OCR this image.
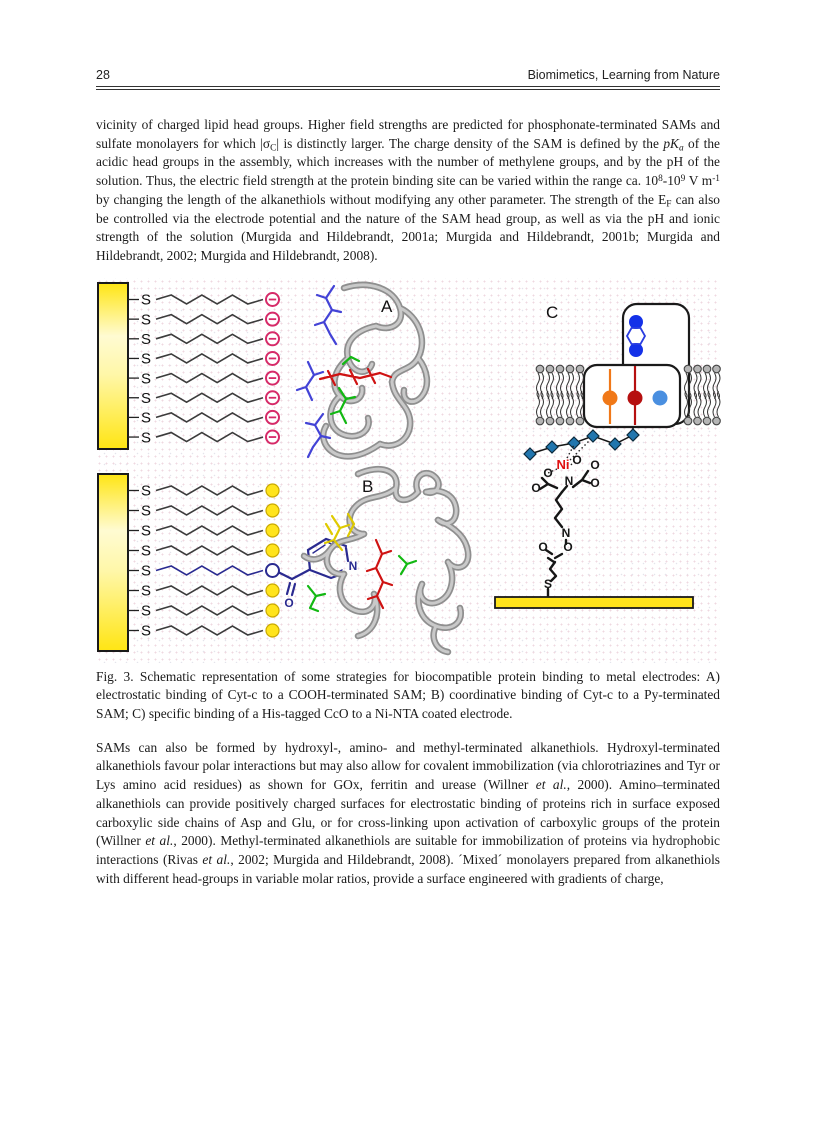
28	Biomimetics, Learning from Nature

vicinity of charged lipid head groups. Higher field strengths are predicted for phosphonate-terminated SAMs and sulfate monolayers for which $|\sigma_C|$ is distinctly larger. The charge density of the SAM is defined by the $pK_a$ of the acidic head groups in the assembly, which increases with the number of methylene groups, and by the pH of the solution. Thus, the electric field strength at the protein binding site can be varied within the range ca. $10^8-10^9$ V $m^{-1}$ by changing the length of the alkanethiols without modifying any other parameter. The strength of the $E_F$ can also be controlled via the electrode potential and the nature of the SAM head group, as well as via the pH and ionic strength of the solution (Murgida and Hildebrandt, 2001a; Murgida and Hildebrandt, 2001b; Murgida and Hildebrandt, 2002; Murgida and Hildebrandt, 2008).

S
S
S
S
S
S
S
S
A
S
S
S
S
S
S
S
S
B
O
N
C
Ni O O
O
O	O
N
N
O
O
S

Fig. 3. Schematic representation of some strategies for biocompatible protein binding to metal electrodes: A) electrostatic binding of Cyt-c to a COOH-terminated SAM; B) coordinative binding of Cyt-c to a Py-terminated SAM; C) specific binding of a His-tagged CcO to a Ni-NTA coated electrode.

SAMs can also be formed by hydroxyl-, amino- and methyl-terminated alkanethiols. Hydroxyl-terminated alkanethiols favour polar interactions but may also allow for covalent immobilization (via chlorotriazines and Tyr or Lys amino acid residues) as shown for GOx, ferritin and urease (Willner et al., 2000). Amino–terminated alkanethiols can provide positively charged surfaces for electrostatic binding of proteins rich in surface exposed carboxylic side chains of Asp and Glu, or for cross-linking upon activation of carboxylic groups of the protein (Willner et al., 2000). Methyl-terminated alkanethiols are suitable for immobilization of proteins via hydrophobic interactions (Rivas et al., 2002; Murgida and Hildebrandt, 2008). ´Mixed´ monolayers prepared from alkanethiols with different head-groups in variable molar ratios, provide a surface engineered with gradients of charge,
